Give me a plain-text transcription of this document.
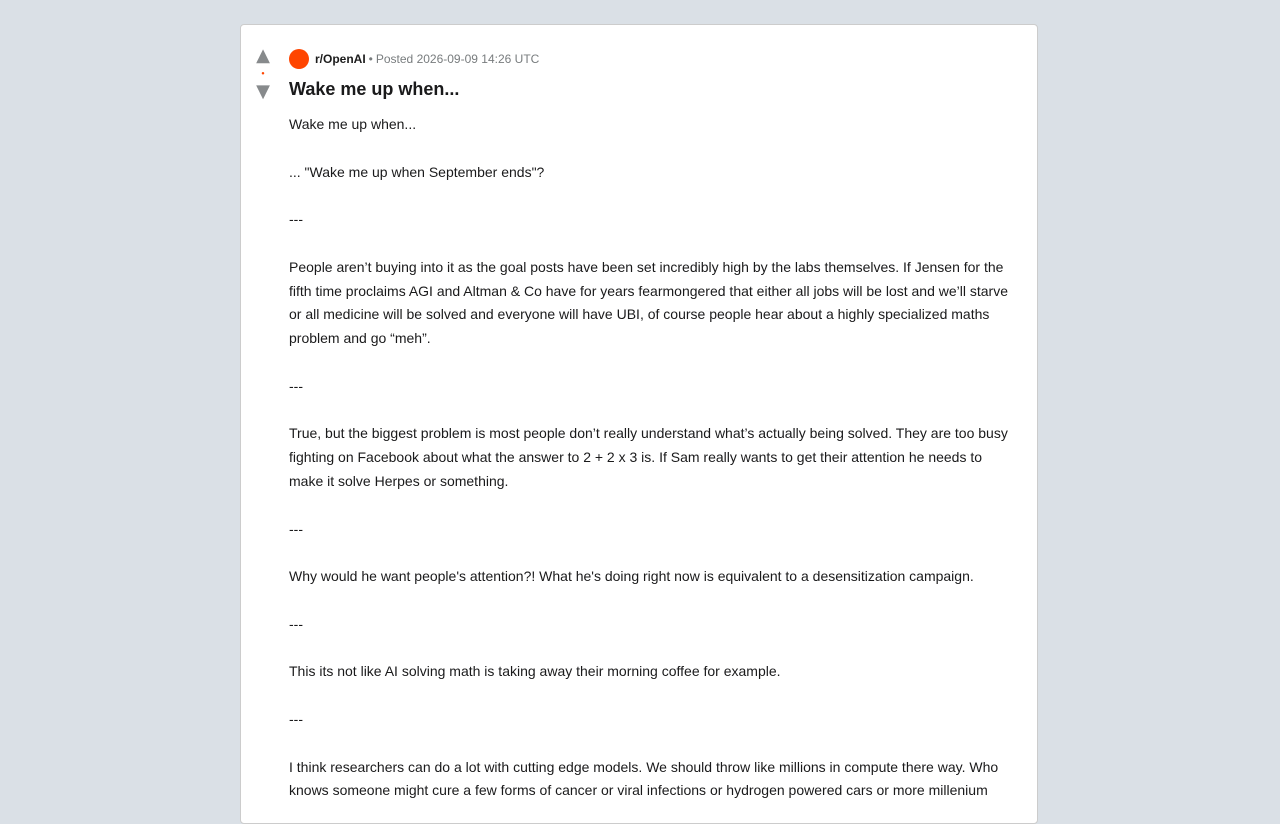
▲
•
▼
r/OpenAI • Posted 2026-09-09 14:26 UTC
Wake me up when...

Wake me up when...

... "Wake me up when September ends"?

---

People aren’t buying into it as the goal posts have been set incredibly high by the labs themselves. If Jensen for the fifth time proclaims AGI and Altman & Co have for years fearmongered that either all jobs will be lost and we’ll starve or all medicine will be solved and everyone will have UBI, of course people hear about a highly specialized maths problem and go “meh”.

---

True, but the biggest problem is most people don’t really understand what’s actually being solved. They are too busy fighting on Facebook about what the answer to 2 + 2 x 3 is. If Sam really wants to get their attention he needs to make it solve Herpes or something.

---

Why would he want people's attention?! What he's doing right now is equivalent to a desensitization campaign.

---

This its not like AI solving math is taking away their morning coffee for example.

---

I think researchers can do a lot with cutting edge models. We should throw like millions in compute there way. Who knows someone might cure a few forms of cancer or viral infections or hydrogen powered cars or more millenium
